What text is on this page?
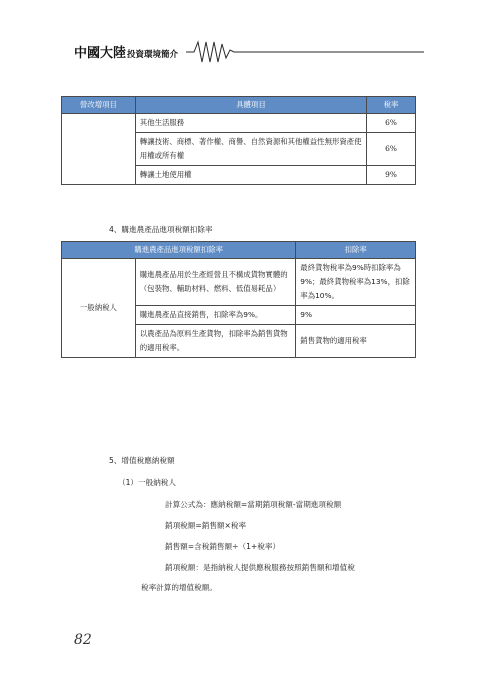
中國大陸投資環境簡介
營改增項目	具體項目	稅率
	其他生活服務	6%
	轉讓技術、商標、著作權、商譽、自然資源和其他權益性無形資產使用權或所有權	6%
	轉讓土地使用權	9%
4、購進農產品進項稅額扣除率
購進農產品進項稅額扣除率		扣除率
一般納稅人	購進農產品用於生產經營且不構成貨物實體的（包裝物、輔助材料、燃料、低值易耗品）	最終貨物稅率為9%時扣除率為9%；最終貨物稅率為13%，扣除率為10%。
	購進農產品直接銷售，扣除率為9%。	9%
	以農產品為原料生產貨物，扣除率為銷售貨物的適用稅率。	銷售貨物的適用稅率
5、增值稅應納稅額
（1）一般納稅人
計算公式為：應納稅額=當期銷項稅額-當期進項稅額
銷項稅額=銷售額×稅率
銷售額=含稅銷售額÷（1+稅率）
銷項稅額：是指納稅人提供應稅服務按照銷售額和增值稅
稅率計算的增值稅額。
82
